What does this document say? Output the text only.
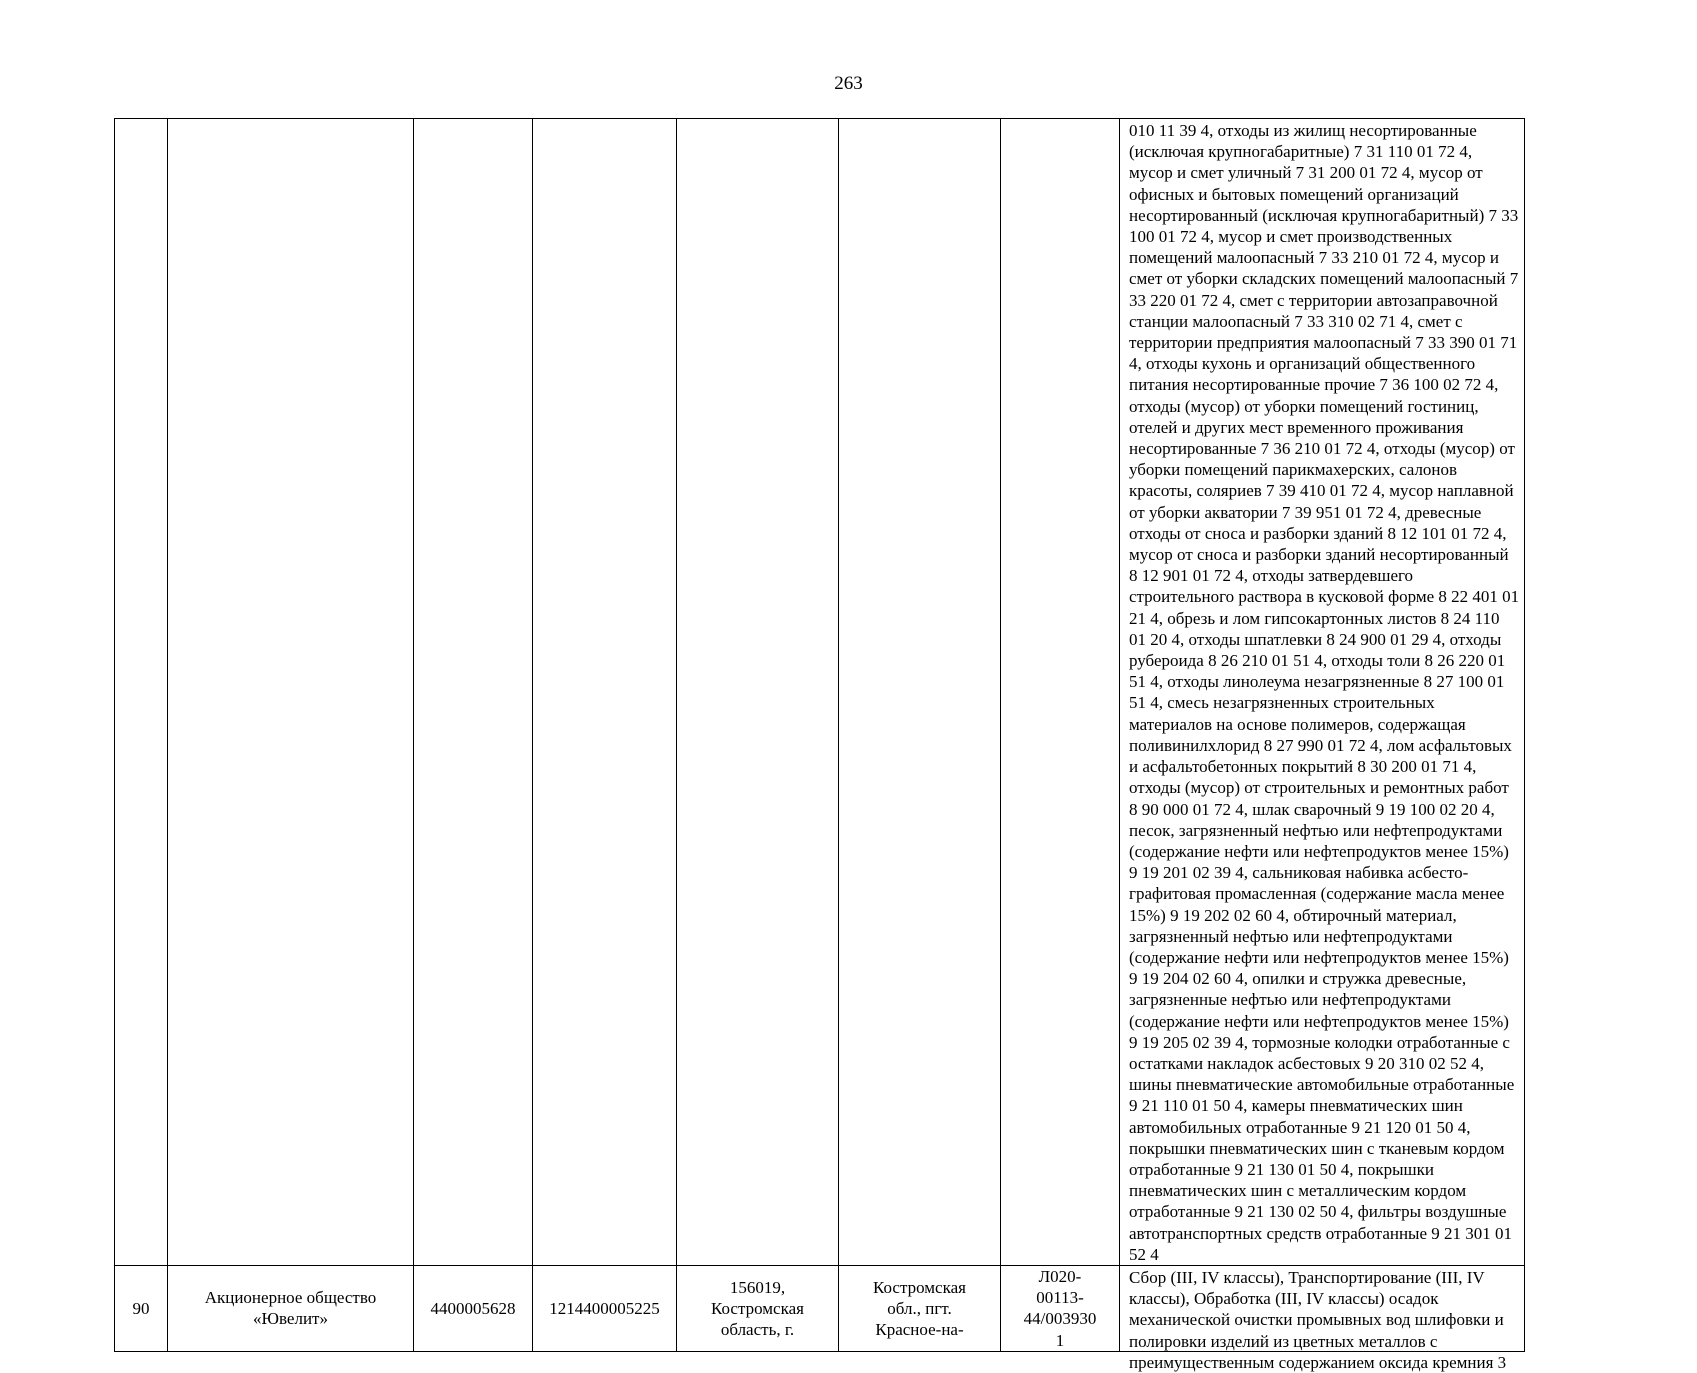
263

							010 11 39 4, отходы из жилищ несортированные (исключая крупногабаритные) 7 31 110 01 72 4, мусор и смет уличный 7 31 200 01 72 4, мусор от офисных и бытовых помещений организаций несортированный (исключая крупногабаритный) 7 33 100 01 72 4, мусор и смет производственных помещений малоопасный 7 33 210 01 72 4, мусор и смет от уборки складских помещений малоопасный 7 33 220 01 72 4, смет с территории автозаправочной станции малоопасный 7 33 310 02 71 4, смет с территории предприятия малоопасный 7 33 390 01 71 4, отходы кухонь и организаций общественного питания несортированные прочие 7 36 100 02 72 4, отходы (мусор) от уборки помещений гостиниц, отелей и других мест временного проживания несортированные 7 36 210 01 72 4, отходы (мусор) от уборки помещений парикмахерских, салонов красоты, соляриев 7 39 410 01 72 4, мусор наплавной от уборки акватории 7 39 951 01 72 4, древесные отходы от сноса и разборки зданий 8 12 101 01 72 4, мусор от сноса и разборки зданий несортированный 8 12 901 01 72 4, отходы затвердевшего строительного раствора в кусковой форме 8 22 401 01 21 4, обрезь и лом гипсокартонных листов 8 24 110 01 20 4, отходы шпатлевки 8 24 900 01 29 4, отходы рубероида 8 26 210 01 51 4, отходы толи 8 26 220 01 51 4, отходы линолеума незагрязненные 8 27 100 01 51 4, смесь незагрязненных строительных материалов на основе полимеров, содержащая поливинилхлорид 8 27 990 01 72 4, лом асфальтовых и асфальтобетонных покрытий 8 30 200 01 71 4, отходы (мусор) от строительных и ремонтных работ 8 90 000 01 72 4, шлак сварочный 9 19 100 02 20 4, песок, загрязненный нефтью или нефтепродуктами (содержание нефти или нефтепродуктов менее 15%) 9 19 201 02 39 4, сальниковая набивка асбесто-графитовая промасленная (содержание масла менее 15%) 9 19 202 02 60 4, обтирочный материал, загрязненный нефтью или нефтепродуктами (содержание нефти или нефтепродуктов менее 15%) 9 19 204 02 60 4, опилки и стружка древесные, загрязненные нефтью или нефтепродуктами (содержание нефти или нефтепродуктов менее 15%) 9 19 205 02 39 4, тормозные колодки отработанные с остатками накладок асбестовых 9 20 310 02 52 4, шины пневматические автомобильные отработанные 9 21 110 01 50 4, камеры пневматических шин автомобильных отработанные 9 21 120 01 50 4, покрышки пневматических шин с тканевым кордом отработанные 9 21 130 01 50 4, покрышки пневматических шин с металлическим кордом отработанные 9 21 130 02 50 4, фильтры воздушные автотранспортных средств отработанные 9 21 301 01 52 4

90	Акционерное общество «Ювелит»	4400005628	1214400005225	156019, Костромская область, г.	Костромская обл., пгт. Красное-на-	Л020-00113-44/0039301	Сбор (III, IV классы), Транспортирование (III, IV классы), Обработка (III, IV классы) осадок механической очистки промывных вод шлифовки и полировки изделий из цветных металлов с преимущественным содержанием оксида кремния 3
